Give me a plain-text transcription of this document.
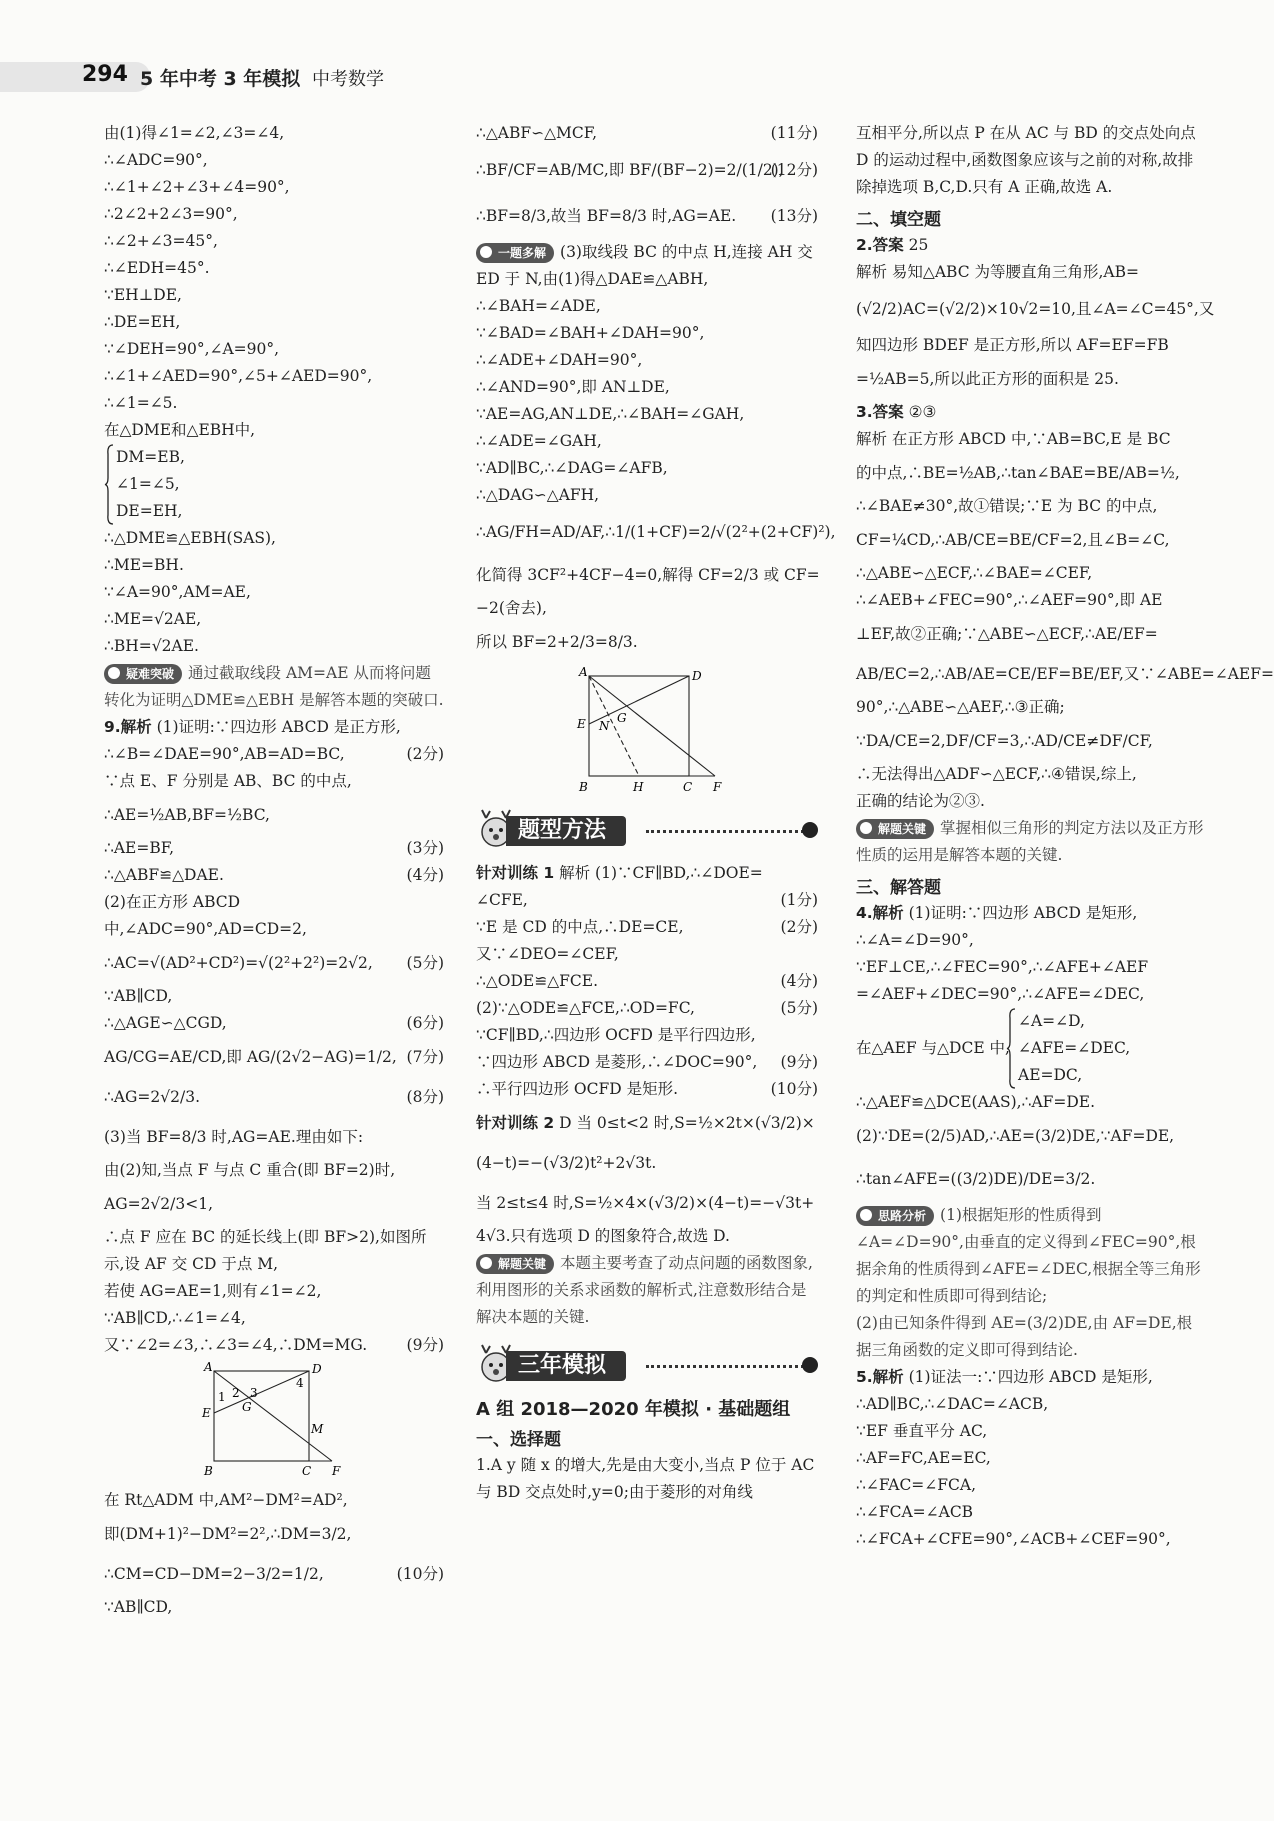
294 5 年中考 3 年模拟 中考数学
由(1)得∠1=∠2,∠3=∠4,
∴∠ADC=90°,
∴∠1+∠2+∠3+∠4=90°,
∴2∠2+2∠3=90°,
∴∠2+∠3=45°,
∴∠EDH=45°.
∵EH⊥DE,
∴DE=EH,
∵∠DEH=90°,∠A=90°,
∴∠1+∠AED=90°,∠5+∠AED=90°,
∴∠1=∠5.
在△DME和△EBH中,
DM=EB,
∠1=∠5,
DE=EH,
∴△DME≌△EBH(SAS),
∴ME=BH.
∵∠A=90°,AM=AE,
∴ME=√2AE,
∴BH=√2AE.
疑难突破 通过截取线段 AM=AE 从而将问题转化为证明△DME≌△EBH 是解答本题的突破口.
9.解析 (1)证明:∵四边形 ABCD 是正方形,
∴∠B=∠DAE=90°,AB=AD=BC,	(2分)
∵点 E、F 分别是 AB、BC 的中点,
∴AE=½AB,BF=½BC,
∴AE=BF,	(3分)
∴△ABF≌△DAE.	(4分)
(2)在正方形 ABCD 中,∠ADC=90°,AD=CD=2,
∴AC=√(AD²+CD²)=√(2²+2²)=2√2, (5分)
∵AB∥CD,
∴△AGE∽△CGD,	(6分)
AG/CG=AE/CD,即 AG/(2√2−AG)=1/2, (7分)
∴AG=2√2/3.	(8分)
(3)当 BF=8/3 时,AG=AE.理由如下:
由(2)知,当点 F 与点 C 重合(即 BF=2)时,
AG=2√2/3<1,
∴点 F 应在 BC 的延长线上(即 BF>2),如图所示,设 AF 交 CD 于点 M,
若使 AG=AE=1,则有∠1=∠2,
∵AB∥CD,∴∠1=∠4,
又∵∠2=∠3,∴∠3=∠4,∴DM=MG.	(9分)
A	D
B	C F
E	G
M
1 2 3
4
在 Rt△ADM 中,AM²−DM²=AD²,
即(DM+1)²−DM²=2²,∴DM=3/2,
∴CM=CD−DM=2−3/2=1/2,	(10分)
∵AB∥CD,
∴△ABF∽△MCF,	(11分)
∴BF/CF=AB/MC,即 BF/(BF−2)=2/(1/2),
(12分)
∴BF=8/3,故当 BF=8/3 时,AG=AE. (13分)
一题多解 (3)取线段 BC 的中点 H,连接 AH 交 ED 于 N,由(1)得△DAE≌△ABH,
∴∠BAH=∠ADE,
∵∠BAD=∠BAH+∠DAH=90°,
∴∠ADE+∠DAH=90°,
∴∠AND=90°,即 AN⊥DE,
∵AE=AG,AN⊥DE,∴∠BAH=∠GAH,
∴∠ADE=∠GAH,
∵AD∥BC,∴∠DAG=∠AFB,
∴△DAG∽△AFH,
∴AG/FH=AD/AF,∴1/(1+CF)=2/√(2²+(2+CF)²),
化简得 3CF²+4CF−4=0,解得 CF=2/3 或 CF=
−2(舍去),
所以 BF=2+2/3=8/3.
A	D
B	H	C F
E N
G
题型方法
针对训练 1 解析 (1)∵CF∥BD,∴∠DOE=
∠CFE,	(1分)
∵E 是 CD 的中点,∴DE=CE,	(2分)
又∵∠DEO=∠CEF,
∴△ODE≌△FCE.	(4分)
(2)∵△ODE≌△FCE,∴OD=FC,	(5分)
∵CF∥BD,∴四边形 OCFD 是平行四边形,
∵四边形 ABCD 是菱形,∴∠DOC=90°, (9分)
∴平行四边形 OCFD 是矩形.	(10分)
针对训练 2 D 当 0≤t<2 时,S=½×2t×(√3/2)×
(4−t)=−(√3/2)t²+2√3t.
当 2≤t≤4 时,S=½×4×(√3/2)×(4−t)=−√3t+
4√3.只有选项 D 的图象符合,故选 D.
解题关键 本题主要考查了动点问题的函数图象,利用图形的关系求函数的解析式,注意数形结合是解决本题的关键.
三年模拟
A 组 2018—2020 年模拟 · 基础题组
一、选择题
1.A y 随 x 的增大,先是由大变小,当点 P 位于 AC 与 BD 交点处时,y=0;由于菱形的对角线
互相平分,所以点 P 在从 AC 与 BD 的交点处向点 D 的运动过程中,函数图象应该与之前的对称,故排除掉选项 B,C,D.只有 A 正确,故选 A.
二、填空题
2.答案 25
解析 易知△ABC 为等腰直角三角形,AB=
(√2/2)AC=(√2/2)×10√2=10,且∠A=∠C=45°,又
知四边形 BDEF 是正方形,所以 AF=EF=FB
=½AB=5,所以此正方形的面积是 25.
3.答案 ②③
解析 在正方形 ABCD 中,∵AB=BC,E 是 BC
的中点,∴BE=½AB,∴tan∠BAE=BE/AB=½,
∴∠BAE≠30°,故①错误;∵E 为 BC 的中点,
CF=¼CD,∴AB/CE=BE/CF=2,且∠B=∠C,
∴△ABE∽△ECF,∴∠BAE=∠CEF,
∴∠AEB+∠FEC=90°,∴∠AEF=90°,即 AE
⊥EF,故②正确;∵△ABE∽△ECF,∴AE/EF=
AB/EC=2,∴AB/AE=CE/EF=BE/EF,又∵∠ABE=∠AEF=
90°,∴△ABE∽△AEF,∴③正确;
∵DA/CE=2,DF/CF=3,∴AD/CE≠DF/CF,
∴无法得出△ADF∽△ECF,∴④错误,综上,
正确的结论为②③.
解题关键 掌握相似三角形的判定方法以及正方形性质的运用是解答本题的关键.
三、解答题
4.解析 (1)证明:∵四边形 ABCD 是矩形,
∴∠A=∠D=90°,
∵EF⊥CE,∴∠FEC=90°,∴∠AFE+∠AEF
=∠AEF+∠DEC=90°,∴∠AFE=∠DEC,
在△AEF 与△DCE 中,
∠A=∠D,
∠AFE=∠DEC,
AE=DC,
∴△AEF≌△DCE(AAS),∴AF=DE.
(2)∵DE=(2/5)AD,∴AE=(3/2)DE,∵AF=DE,
∴tan∠AFE=((3/2)DE)/DE=3/2.
思路分析 (1)根据矩形的性质得到∠A=∠D=90°,由垂直的定义得到∠FEC=90°,根据余角的性质得到∠AFE=∠DEC,根据全等三角形的判定和性质即可得到结论;
(2)由已知条件得到 AE=(3/2)DE,由 AF=DE,根据三角函数的定义即可得到结论.
5.解析 (1)证法一:∵四边形 ABCD 是矩形,
∴AD∥BC,∴∠DAC=∠ACB,
∵EF 垂直平分 AC,
∴AF=FC,AE=EC,
∴∠FAC=∠FCA,
∴∠FCA=∠ACB
∴∠FCA+∠CFE=90°,∠ACB+∠CEF=90°,
